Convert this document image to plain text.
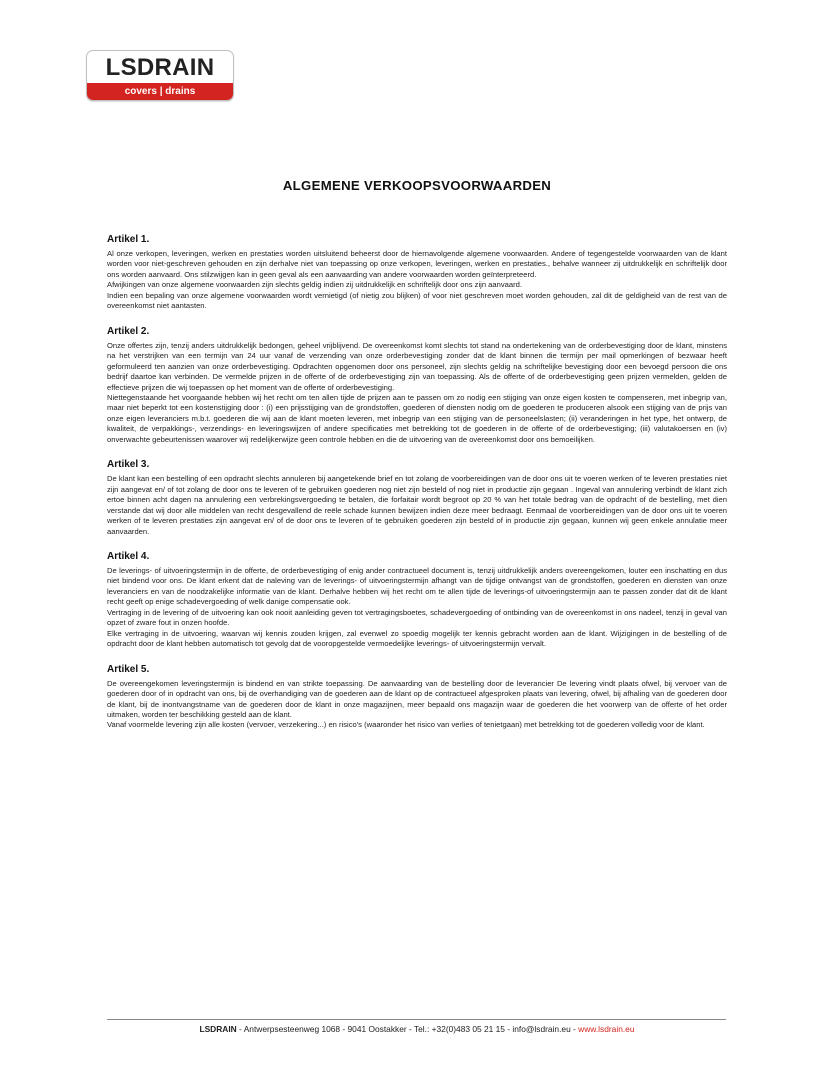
LSDRAIN
covers | drains
ALGEMENE VERKOOPSVOORWAARDEN
Artikel 1.

Al onze verkopen, leveringen, werken en prestaties worden uitsluitend beheerst door de hiernavolgende algemene voorwaarden. Andere of tegengestelde voorwaarden van de klant worden voor niet-geschreven gehouden en zijn derhalve niet van toepassing op onze verkopen, leveringen, werken en prestaties., behalve wanneer zij uitdrukkelijk en schriftelijk door ons worden aanvaard. Ons stilzwijgen kan in geen geval als een aanvaarding van andere voorwaarden worden geïnterpreteerd.

Afwijkingen van onze algemene voorwaarden zijn slechts geldig indien zij uitdrukkelijk en schriftelijk door ons zijn aanvaard.

Indien een bepaling van onze algemene voorwaarden wordt vernietigd (of nietig zou blijken) of voor niet geschreven moet worden gehouden, zal dit de geldigheid van de rest van de overeenkomst niet aantasten.

Artikel 2.

Onze offertes zijn, tenzij anders uitdrukkelijk bedongen, geheel vrijblijvend. De overeenkomst komt slechts tot stand na ondertekening van de orderbevestiging door de klant, minstens na het verstrijken van een termijn van 24 uur vanaf de verzending van onze orderbevestiging zonder dat de klant binnen die termijn per mail opmerkingen of bezwaar heeft geformuleerd ten aanzien van onze orderbevestiging. Opdrachten opgenomen door ons personeel, zijn slechts geldig na schriftelijke bevestiging door een bevoegd persoon die ons bedrijf daartoe kan verbinden. De vermelde prijzen in de offerte of de orderbevestiging zijn van toepassing. Als de offerte of de orderbevestiging geen prijzen vermelden, gelden de effectieve prijzen die wij toepassen op het moment van de offerte of orderbevestiging.

Niettegenstaande het voorgaande hebben wij het recht om ten allen tijde de prijzen aan te passen om zo nodig een stijging van onze eigen kosten te compenseren, met inbegrip van, maar niet beperkt tot een kostenstijging door : (i) een prijsstijging van de grondstoffen, goederen of diensten nodig om de goederen te produceren alsook een stijging van de prijs van onze eigen leveranciers m.b.t. goederen die wij aan de klant moeten leveren, met inbegrip van een stijging van de personeelslasten; (ii) veranderingen in het type, het ontwerp, de kwaliteit, de verpakkings-, verzendings- en leveringswijzen of andere specificaties met betrekking tot de goederen in de offerte of de orderbevestiging; (iii) valutakoersen en (iv) onverwachte gebeurtenissen waarover wij redelijkerwijze geen controle hebben en die de uitvoering van de overeenkomst door ons bemoeilijken.

Artikel 3.

De klant kan een bestelling of een opdracht slechts annuleren bij aangetekende brief en tot zolang de voorbereidingen van de door ons uit te voeren werken of te leveren prestaties niet zijn aangevat en/ of tot zolang de door ons te leveren of te gebruiken goederen nog niet zijn besteld of nog niet in productie zijn gegaan . Ingeval van annulering verbindt de klant zich ertoe binnen acht dagen na annulering een verbrekingsvergoeding te betalen, die forfaitair wordt begroot op 20 % van het totale bedrag van de opdracht of de bestelling, met dien verstande dat wij door alle middelen van recht desgevallend de reële schade kunnen bewijzen indien deze meer bedraagt. Eenmaal de voorbereidingen van de door ons uit te voeren werken of te leveren prestaties zijn aangevat en/ of de door ons te leveren of te gebruiken goederen zijn besteld of in productie zijn gegaan, kunnen wij geen enkele annulatie meer aanvaarden.

Artikel 4.

De leverings- of uitvoeringstermijn in de offerte, de orderbevestiging of enig ander contractueel document is, tenzij uitdrukkelijk anders overeengekomen, louter een inschatting en dus niet bindend voor ons. De klant erkent dat de naleving van de leverings- of uitvoeringstermijn afhangt van de tijdige ontvangst van de grondstoffen, goederen en diensten van onze leveranciers en van de noodzakelijke informatie van de klant. Derhalve hebben wij het recht om te allen tijde de leverings-of uitvoeringstermijn aan te passen zonder dat dit de klant recht geeft op enige schadevergoeding of welk danige compensatie ook.

Vertraging in de levering of de uitvoering kan ook nooit aanleiding geven tot vertragingsboetes, schadevergoeding of ontbinding van de overeenkomst in ons nadeel, tenzij in geval van opzet of zware fout in onzen hoofde.

Elke vertraging in de uitvoering, waarvan wij kennis zouden krijgen, zal evenwel zo spoedig mogelijk ter kennis gebracht worden aan de klant. Wijzigingen in de bestelling of de opdracht door de klant hebben automatisch tot gevolg dat de vooropgestelde vermoedelijke leverings- of uitvoeringstermijn vervalt.

Artikel 5.

De overeengekomen leveringstermijn is bindend en van strikte toepassing. De aanvaarding van de bestelling door de leverancier De levering vindt plaats ofwel, bij vervoer van de goederen door of in opdracht van ons, bij de overhandiging van de goederen aan de klant op de contractueel afgesproken plaats van levering, ofwel, bij afhaling van de goederen door de klant, bij de inontvangstname van de goederen door de klant in onze magazijnen, meer bepaald ons magazijn waar de goederen die het voorwerp van de offerte of het order uitmaken, worden ter beschikking gesteld aan de klant.

Vanaf voormelde levering zijn alle kosten (vervoer, verzekering...) en risico's (waaronder het risico van verlies of tenietgaan) met betrekking tot de goederen volledig voor de klant.

LSDRAIN - Antwerpsesteenweg 1068 - 9041 Oostakker - Tel.: +32(0)483 05 21 15 - info@lsdrain.eu - www.lsdrain.eu
